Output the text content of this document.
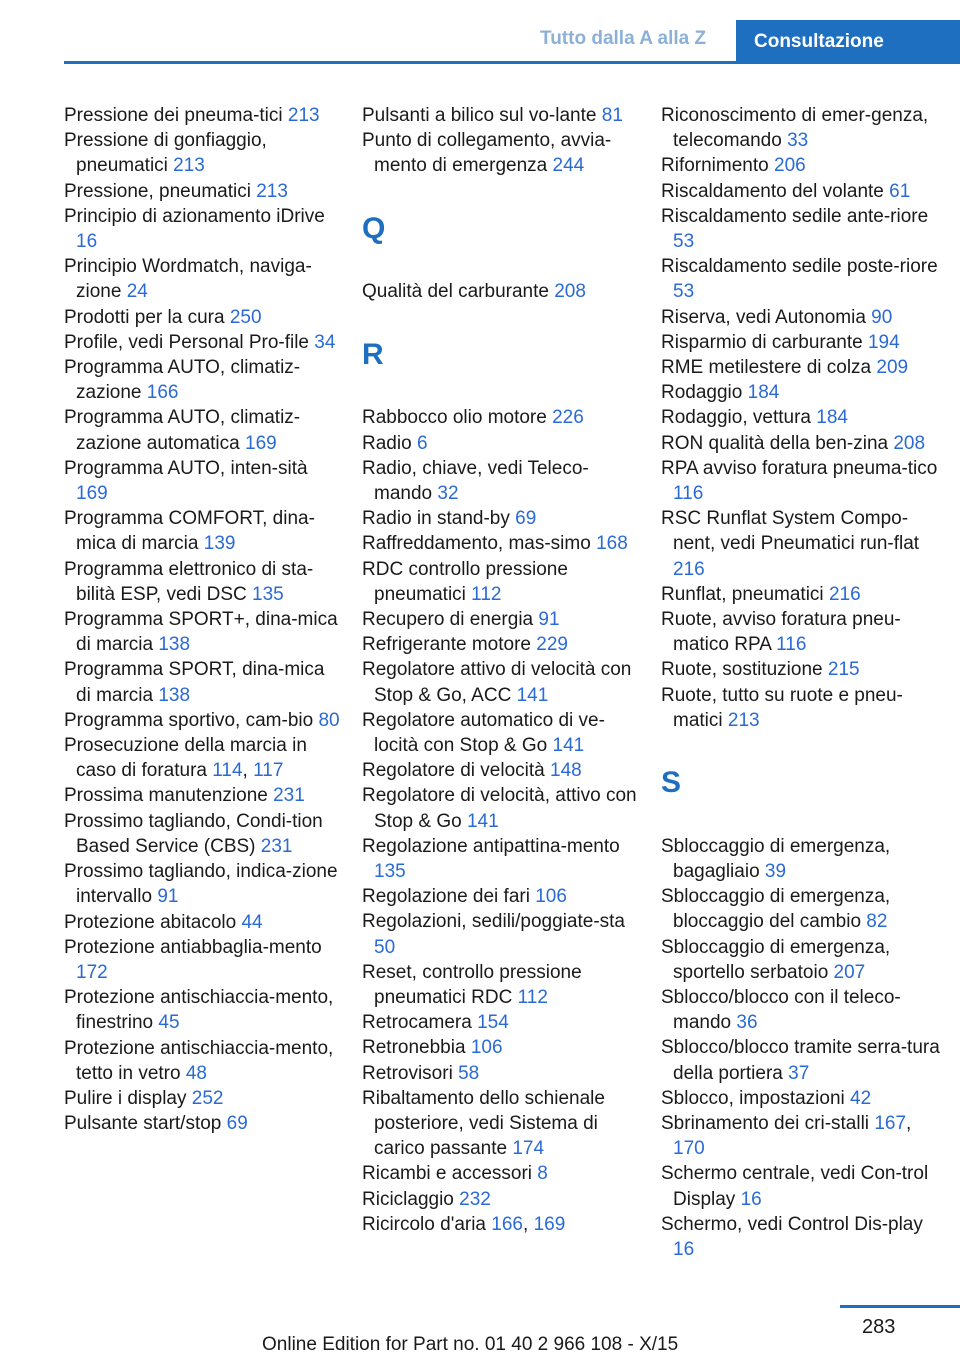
Tutto dalla A alla Z	Consultazione

Pressione dei pneuma-tici 213

Pressione di gonfiaggio, pneumatici 213

Pressione, pneumatici 213

Principio di azionamento iDrive 16

Principio Wordmatch, naviga-zione 24

Prodotti per la cura 250

Profile, vedi Personal Pro-file 34

Programma AUTO, climatiz-zazione 166

Programma AUTO, climatiz-zazione automatica 169

Programma AUTO, inten-sità 169

Programma COMFORT, dina-mica di marcia 139

Programma elettronico di sta-bilità ESP, vedi DSC 135

Programma SPORT+, dina-mica di marcia 138

Programma SPORT, dina-mica di marcia 138

Programma sportivo, cam-bio 80

Prosecuzione della marcia in caso di foratura 114, 117

Prossima manutenzione 231

Prossimo tagliando, Condi-tion Based Service (CBS) 231

Prossimo tagliando, indica-zione intervallo 91

Protezione abitacolo 44

Protezione antiabbaglia-mento 172

Protezione antischiaccia-mento, finestrino 45

Protezione antischiaccia-mento, tetto in vetro 48

Pulire i display 252

Pulsante start/stop 69

Pulsanti a bilico sul vo-lante 81

Punto di collegamento, avvia-mento di emergenza 244

Q

Qualità del carburante 208

R

Rabbocco olio motore 226

Radio 6

Radio, chiave, vedi Teleco-mando 32

Radio in stand-by 69

Raffreddamento, mas-simo 168

RDC controllo pressione pneumatici 112

Recupero di energia 91

Refrigerante motore 229

Regolatore attivo di velocità con Stop & Go, ACC 141

Regolatore automatico di ve-locità con Stop & Go 141

Regolatore di velocità 148

Regolatore di velocità, attivo con Stop & Go 141

Regolazione antipattina-mento 135

Regolazione dei fari 106

Regolazioni, sedili/poggiate-sta 50

Reset, controllo pressione pneumatici RDC 112

Retrocamera 154

Retronebbia 106

Retrovisori 58

Ribaltamento dello schienale posteriore, vedi Sistema di carico passante 174

Ricambi e accessori 8

Riciclaggio 232

Ricircolo d'aria 166, 169

Riconoscimento di emer-genza, telecomando 33

Rifornimento 206

Riscaldamento del volante 61

Riscaldamento sedile ante-riore 53

Riscaldamento sedile poste-riore 53

Riserva, vedi Autonomia 90

Risparmio di carburante 194

RME metilestere di colza 209

Rodaggio 184

Rodaggio, vettura 184

RON qualità della ben-zina 208

RPA avviso foratura pneuma-tico 116

RSC Runflat System Compo-nent, vedi Pneumatici run-flat 216

Runflat, pneumatici 216

Ruote, avviso foratura pneu-matico RPA 116

Ruote, sostituzione 215

Ruote, tutto su ruote e pneu-matici 213

S

Sbloccaggio di emergenza, bagagliaio 39

Sbloccaggio di emergenza, bloccaggio del cambio 82

Sbloccaggio di emergenza, sportello serbatoio 207

Sblocco/blocco con il teleco-mando 36

Sblocco/blocco tramite serra-tura della portiera 37

Sblocco, impostazioni 42

Sbrinamento dei cri-stalli 167, 170

Schermo centrale, vedi Con-trol Display 16

Schermo, vedi Control Dis-play 16

283
Online Edition for Part no. 01 40 2 966 108 - X/15
